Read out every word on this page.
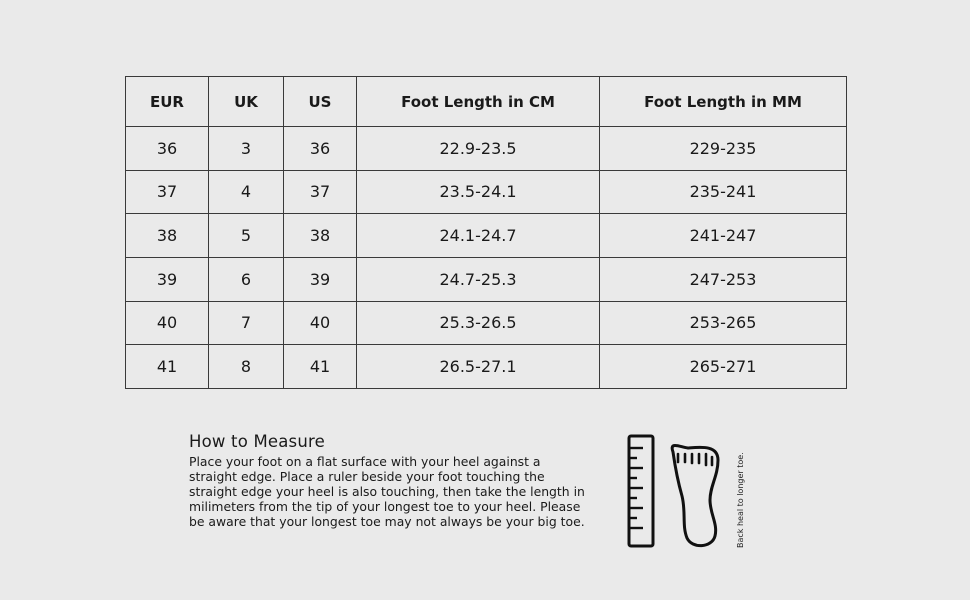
EUR	UK	US	Foot Length in CM	Foot Length in MM
36	3	36	22.9-23.5	229-235
37	4	37	23.5-24.1	235-241
38	5	38	24.1-24.7	241-247
39	6	39	24.7-25.3	247-253
40	7	40	25.3-26.5	253-265
41	8	41	26.5-27.1	265-271
How to Measure

Place your foot on a flat surface with your heel against a straight edge. Place a ruler beside your foot touching the straight edge your heel is also touching, then take the length in milimeters from the tip of your longest toe to your heel. Please be aware that your longest toe may not always be your big toe.	Back heal to longer toe.
